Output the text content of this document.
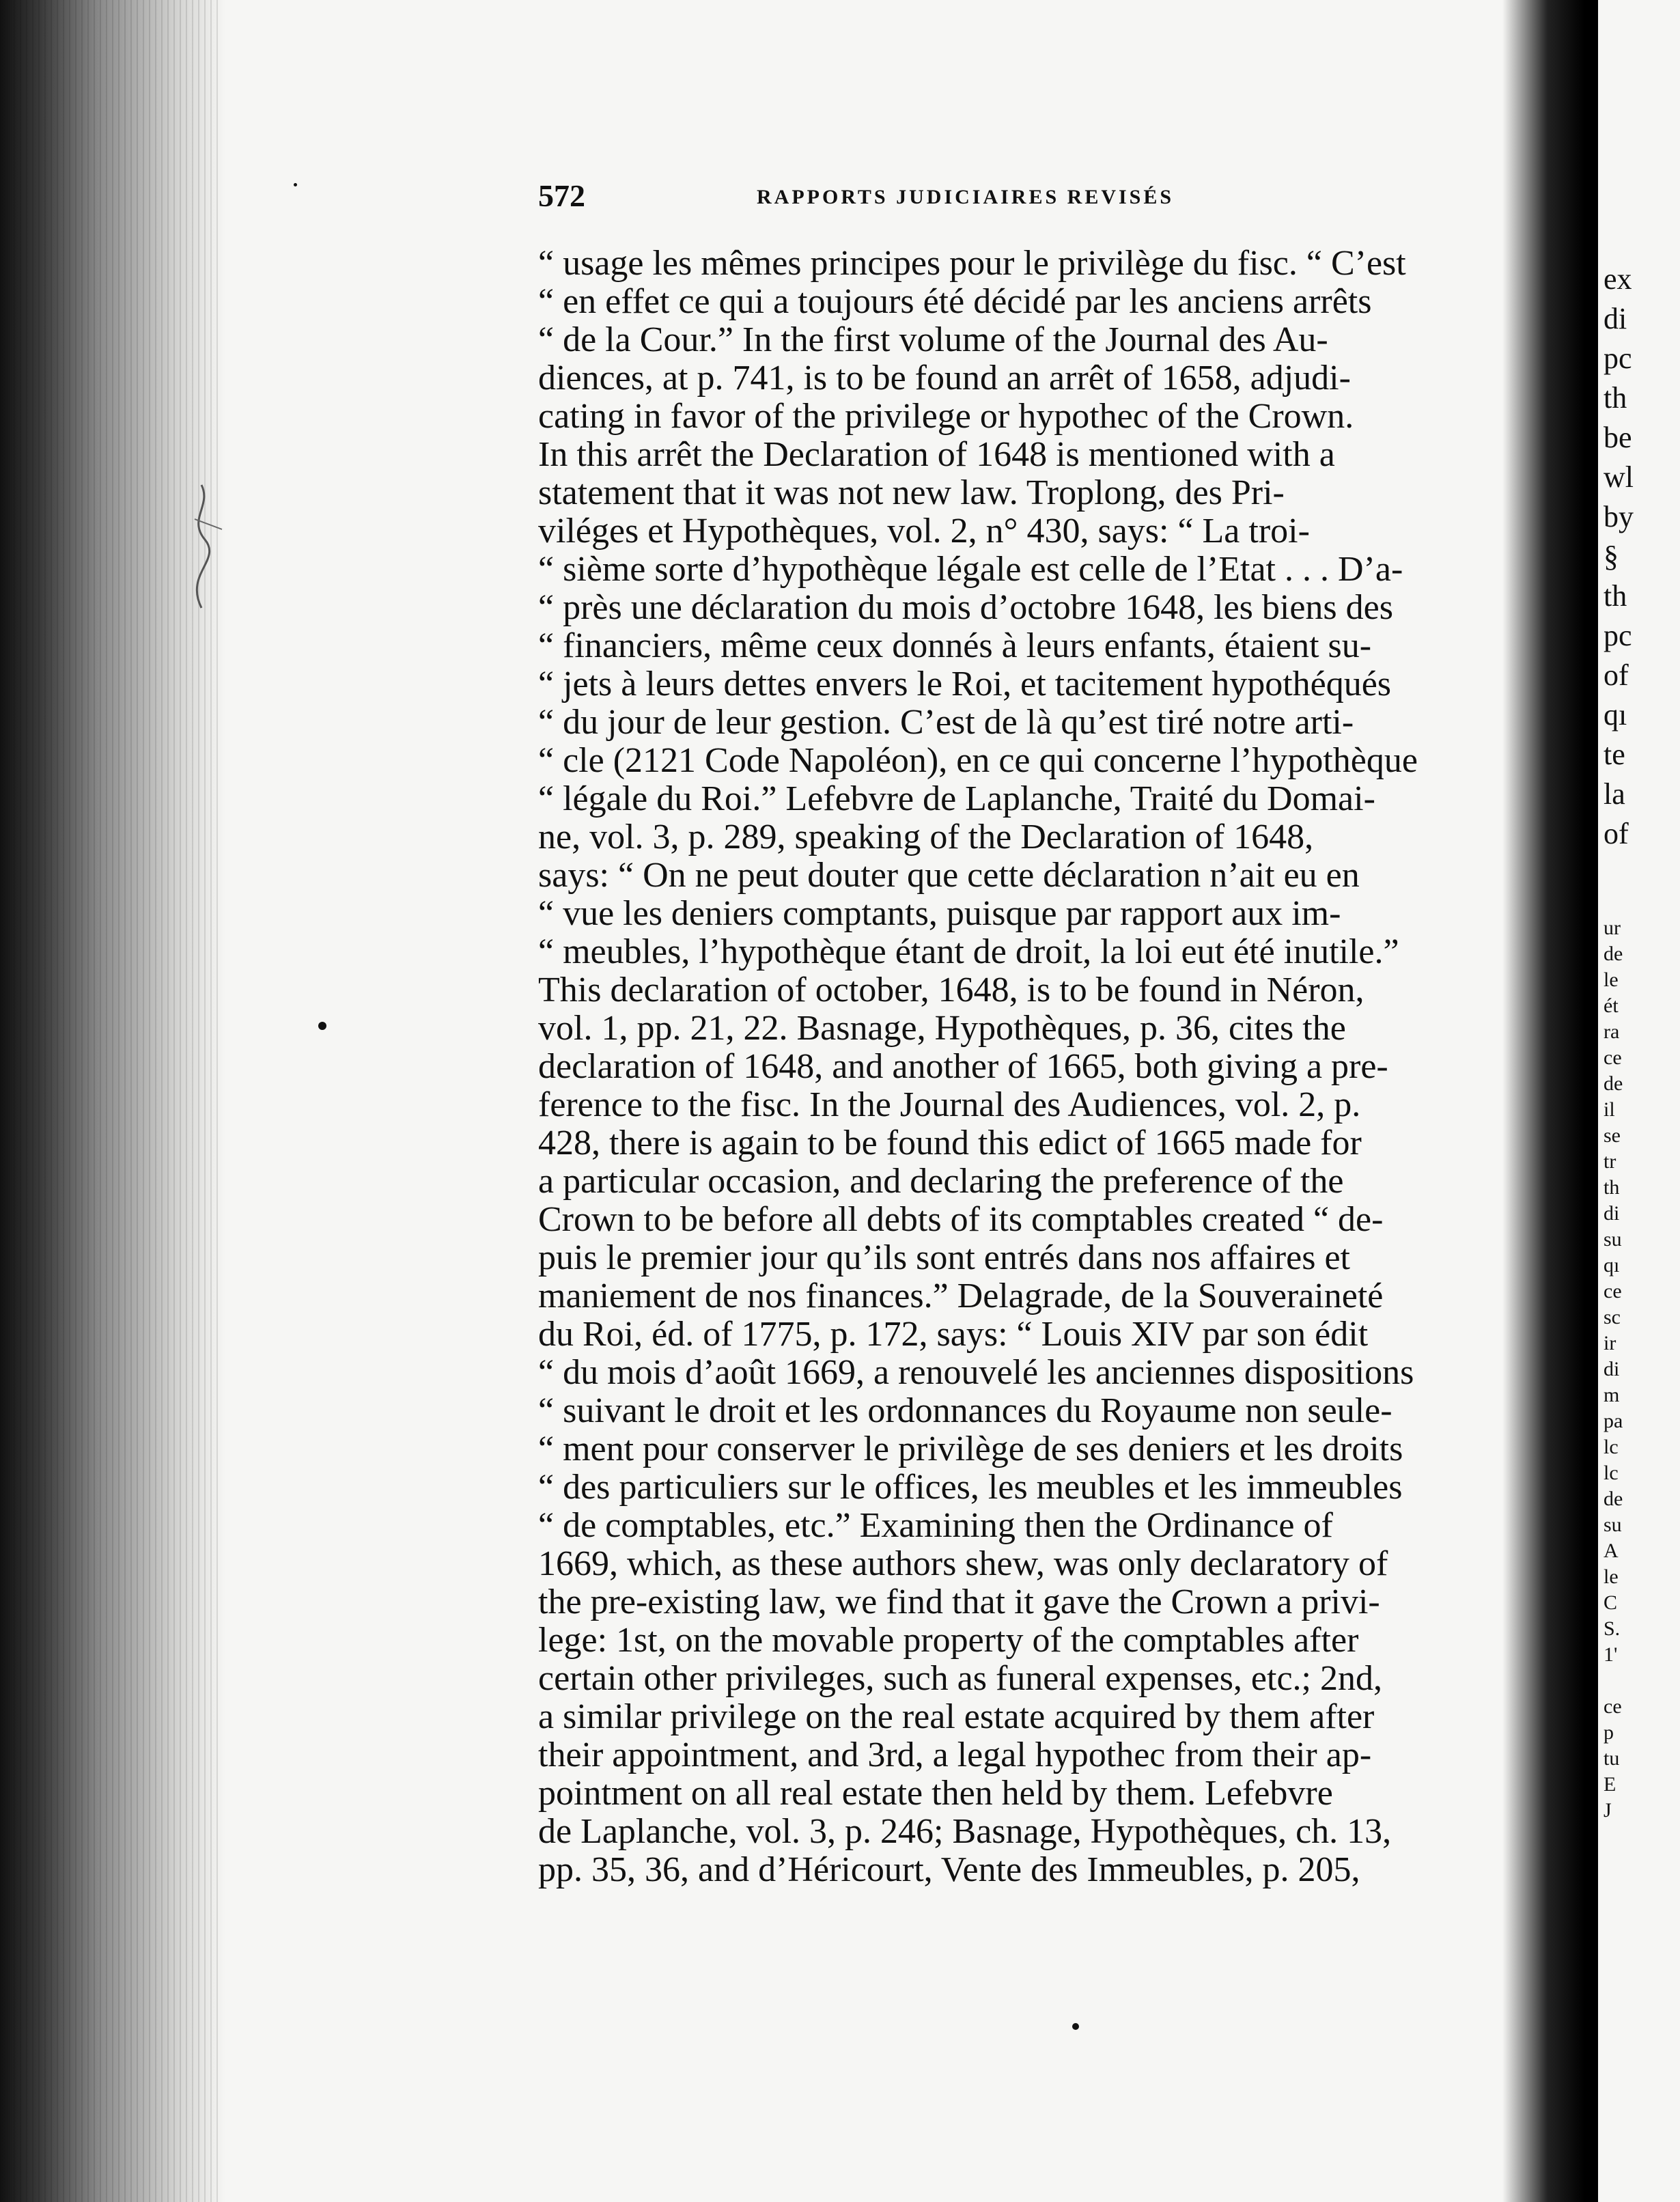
572	RAPPORTS JUDICIAIRES REVISÉS
“ usage les mêmes principes pour le privilège du fisc. “ C’est
“ en effet ce qui a toujours été décidé par les anciens arrêts
“ de la Cour.” In the first volume of the Journal des Au-
diences, at p. 741, is to be found an arrêt of 1658, adjudi-
cating in favor of the privilege or hypothec of the Crown.
In this arrêt the Declaration of 1648 is mentioned with a
statement that it was not new law. Troplong, des Pri-
viléges et Hypothèques, vol. 2, n° 430, says: “ La troi-
“ sième sorte d’hypothèque légale est celle de l’Etat . . . D’a-
“ près une déclaration du mois d’octobre 1648, les biens des
“ financiers, même ceux donnés à leurs enfants, étaient su-
“ jets à leurs dettes envers le Roi, et tacitement hypothéqués
“ du jour de leur gestion. C’est de là qu’est tiré notre arti-
“ cle (2121 Code Napoléon), en ce qui concerne l’hypothèque
“ légale du Roi.” Lefebvre de Laplanche, Traité du Domai-
ne, vol. 3, p. 289, speaking of the Declaration of 1648,
says: “ On ne peut douter que cette déclaration n’ait eu en
“ vue les deniers comptants, puisque par rapport aux im-
“ meubles, l’hypothèque étant de droit, la loi eut été inutile.”
This declaration of october, 1648, is to be found in Néron,
vol. 1, pp. 21, 22. Basnage, Hypothèques, p. 36, cites the
declaration of 1648, and another of 1665, both giving a pre-
ference to the fisc. In the Journal des Audiences, vol. 2, p.
428, there is again to be found this edict of 1665 made for
a particular occasion, and declaring the preference of the
Crown to be before all debts of its comptables created “ de-
puis le premier jour qu’ils sont entrés dans nos affaires et
maniement de nos finances.” Delagrade, de la Souveraineté
du Roi, éd. of 1775, p. 172, says: “ Louis XIV par son édit
“ du mois d’août 1669, a renouvelé les anciennes dispositions
“ suivant le droit et les ordonnances du Royaume non seule-
“ ment pour conserver le privilège de ses deniers et les droits
“ des particuliers sur le offices, les meubles et les immeubles
“ de comptables, etc.” Examining then the Ordinance of
1669, which, as these authors shew, was only declaratory of
the pre-existing law, we find that it gave the Crown a privi-
lege: 1st, on the movable property of the comptables after
certain other privileges, such as funeral expenses, etc.; 2nd,
a similar privilege on the real estate acquired by them after
their appointment, and 3rd, a legal hypothec from their ap-
pointment on all real estate then held by them. Lefebvre
de Laplanche, vol. 3, p. 246; Basnage, Hypothèques, ch. 13,
pp. 35, 36, and d’Héricourt, Vente des Immeubles, p. 205,
ex
di
pc
th
be
wl
by
§
th
pc
of
qı
te
la
of
ur
de
le
ét
ra
ce
de
il
se
tr
th
di
su
qı
ce
sc
ir
di
m
pa
lc
lc
de
su
A
le
C
S.
1'
ce
p
tu
E
J
